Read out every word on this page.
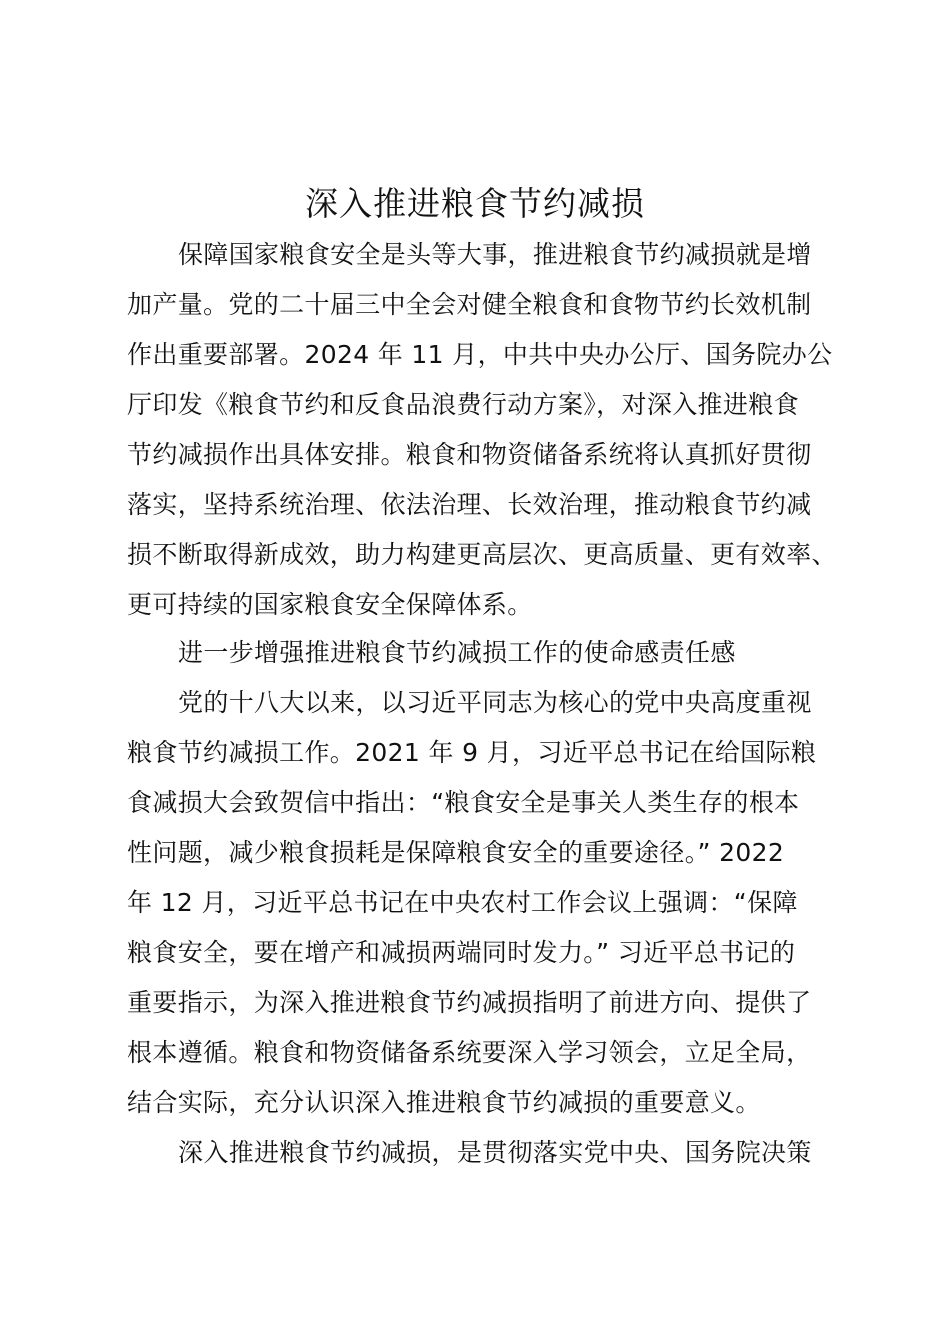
深入推进粮食节约减损

保障国家粮食安全是头等大事，推进粮食节约减损就是增

加产量。党的二十届三中全会对健全粮食和食物节约长效机制

作出重要部署。2024 年 11 月，中共中央办公厅、国务院办公

厅印发《粮食节约和反食品浪费行动方案》，对深入推进粮食

节约减损作出具体安排。粮食和物资储备系统将认真抓好贯彻

落实，坚持系统治理、依法治理、长效治理，推动粮食节约减

损不断取得新成效，助力构建更高层次、更高质量、更有效率、

更可持续的国家粮食安全保障体系。

进一步增强推进粮食节约减损工作的使命感责任感

党的十八大以来，以习近平同志为核心的党中央高度重视

粮食节约减损工作。2021 年 9 月，习近平总书记在给国际粮

食减损大会致贺信中指出：“粮食安全是事关人类生存的根本

性问题，减少粮食损耗是保障粮食安全的重要途径。” 2022

年 12 月，习近平总书记在中央农村工作会议上强调：“保障

粮食安全，要在增产和减损两端同时发力。” 习近平总书记的

重要指示，为深入推进粮食节约减损指明了前进方向、提供了

根本遵循。粮食和物资储备系统要深入学习领会，立足全局，

结合实际，充分认识深入推进粮食节约减损的重要意义。

深入推进粮食节约减损，是贯彻落实党中央、国务院决策
